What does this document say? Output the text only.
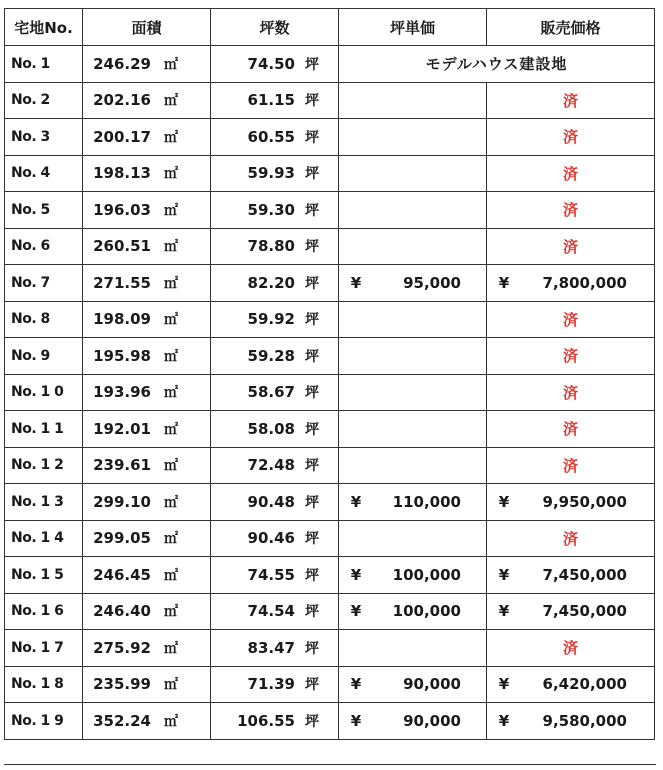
宅地No.	面積	坪数	坪単価	販売価格
No. 1	246.29 ㎡	74.50 坪	モデルハウス建設地	
No. 2	202.16 ㎡	61.15 坪		済
No. 3	200.17 ㎡	60.55 坪		済
No. 4	198.13 ㎡	59.93 坪		済
No. 5	196.03 ㎡	59.30 坪		済
No. 6	260.51 ㎡	78.80 坪		済
No. 7	271.55 ㎡	82.20 坪	¥ 95,000	¥ 7,800,000
No. 8	198.09 ㎡	59.92 坪		済
No. 9	195.98 ㎡	59.28 坪		済
No. 1 0	193.96 ㎡	58.67 坪		済
No. 1 1	192.01 ㎡	58.08 坪		済
No. 1 2	239.61 ㎡	72.48 坪		済
No. 1 3	299.10 ㎡	90.48 坪	¥ 110,000	¥ 9,950,000
No. 1 4	299.05 ㎡	90.46 坪		済
No. 1 5	246.45 ㎡	74.55 坪	¥ 100,000	¥ 7,450,000
No. 1 6	246.40 ㎡	74.54 坪	¥ 100,000	¥ 7,450,000
No. 1 7	275.92 ㎡	83.47 坪		済
No. 1 8	235.99 ㎡	71.39 坪	¥ 90,000	¥ 6,420,000
No. 1 9	352.24 ㎡	106.55 坪	¥ 90,000	¥ 9,580,000
